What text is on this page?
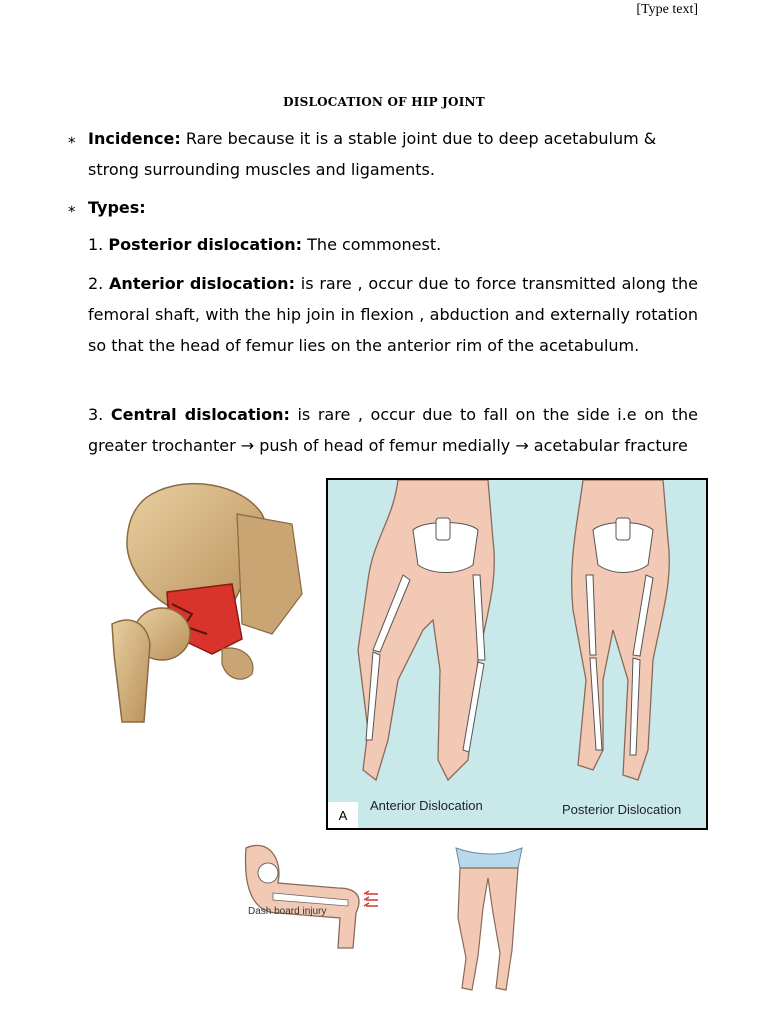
[Type text]
DISLOCATION OF HIP JOINT
⁎ Incidence: Rare because it is a stable joint due to deep acetabulum &
strong surrounding muscles and ligaments.
⁎ Types:
1. Posterior dislocation: The commonest.
2. Anterior dislocation: is rare , occur due to force transmitted along the femoral shaft, with the hip join in flexion , abduction and externally rotation so that the head of femur lies on the anterior rim of the acetabulum.
3. Central dislocation: is rare , occur due to fall on the side i.e on the greater trochanter → push of head of femur medially → acetabular fracture
Anterior Dislocation	Posterior Dislocation
A
Dash board injury
